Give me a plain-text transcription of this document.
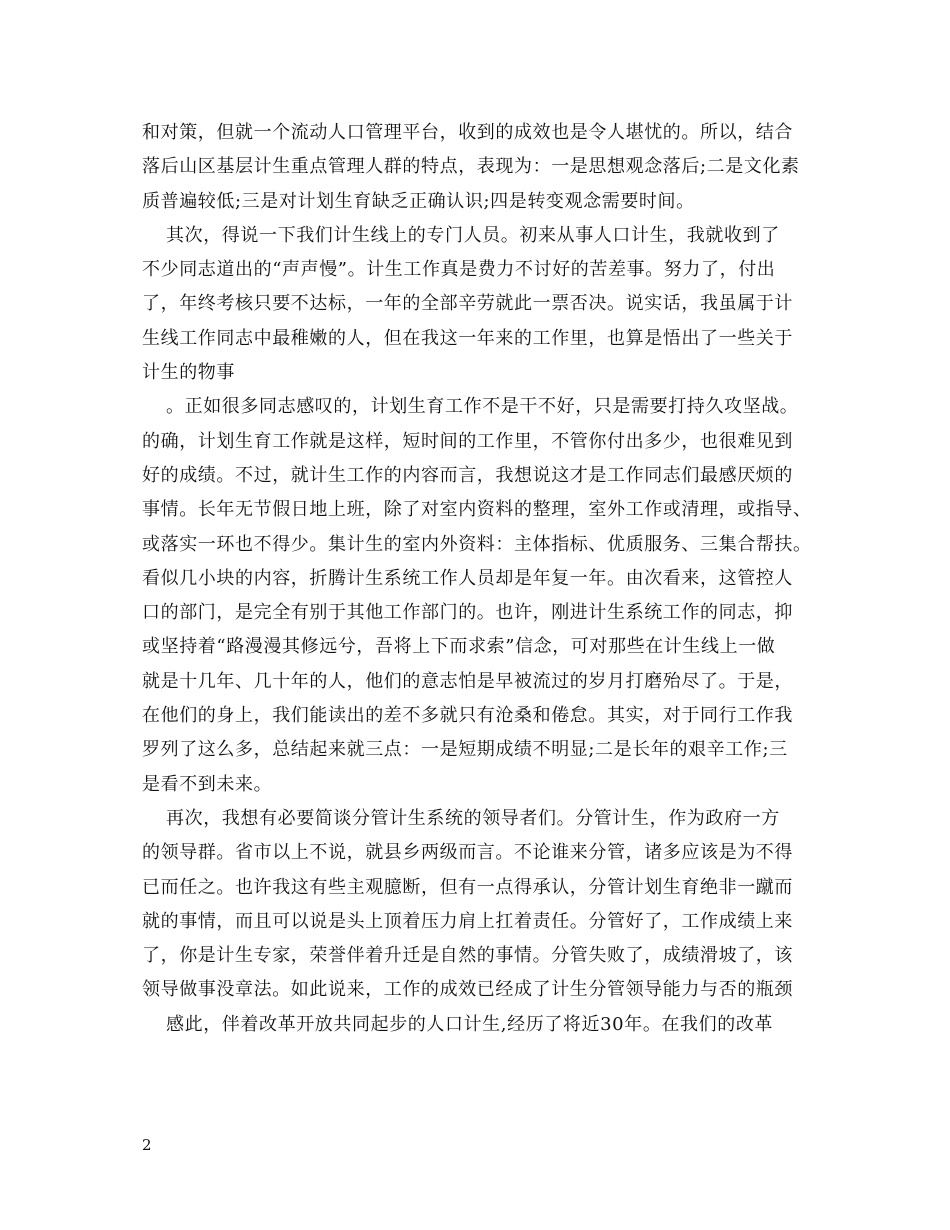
和对策，但就一个流动人口管理平台，收到的成效也是令人堪忧的。所以，结合
落后山区基层计生重点管理人群的特点，表现为：一是思想观念落后;二是文化素
质普遍较低;三是对计划生育缺乏正确认识;四是转变观念需要时间。
其次，得说一下我们计生线上的专门人员。初来从事人口计生，我就收到了
不少同志道出的“声声慢”。计生工作真是费力不讨好的苦差事。努力了，付出
了，年终考核只要不达标，一年的全部辛劳就此一票否决。说实话，我虽属于计
生线工作同志中最稚嫩的人，但在我这一年来的工作里，也算是悟出了一些关于
计生的物事
。正如很多同志感叹的，计划生育工作不是干不好，只是需要打持久攻坚战。
的确，计划生育工作就是这样，短时间的工作里，不管你付出多少，也很难见到
好的成绩。不过，就计生工作的内容而言，我想说这才是工作同志们最感厌烦的
事情。长年无节假日地上班，除了对室内资料的整理，室外工作或清理，或指导、
或落实一环也不得少。集计生的室内外资料：主体指标、优质服务、三集合帮扶。
看似几小块的内容，折腾计生系统工作人员却是年复一年。由次看来，这管控人
口的部门，是完全有别于其他工作部门的。也许，刚进计生系统工作的同志，抑
或坚持着“路漫漫其修远兮，吾将上下而求索”信念，可对那些在计生线上一做
就是十几年、几十年的人，他们的意志怕是早被流过的岁月打磨殆尽了。于是，
在他们的身上，我们能读出的差不多就只有沧桑和倦怠。其实，对于同行工作我
罗列了这么多，总结起来就三点：一是短期成绩不明显;二是长年的艰辛工作;三
是看不到未来。
再次，我想有必要简谈分管计生系统的领导者们。分管计生，作为政府一方
的领导群。省市以上不说，就县乡两级而言。不论谁来分管，诸多应该是为不得
已而任之。也许我这有些主观臆断，但有一点得承认，分管计划生育绝非一蹴而
就的事情，而且可以说是头上顶着压力肩上扛着责任。分管好了，工作成绩上来
了，你是计生专家，荣誉伴着升迁是自然的事情。分管失败了，成绩滑坡了，该
领导做事没章法。如此说来，工作的成效已经成了计生分管领导能力与否的瓶颈
感此，伴着改革开放共同起步的人口计生,经历了将近30年。在我们的改革
2
